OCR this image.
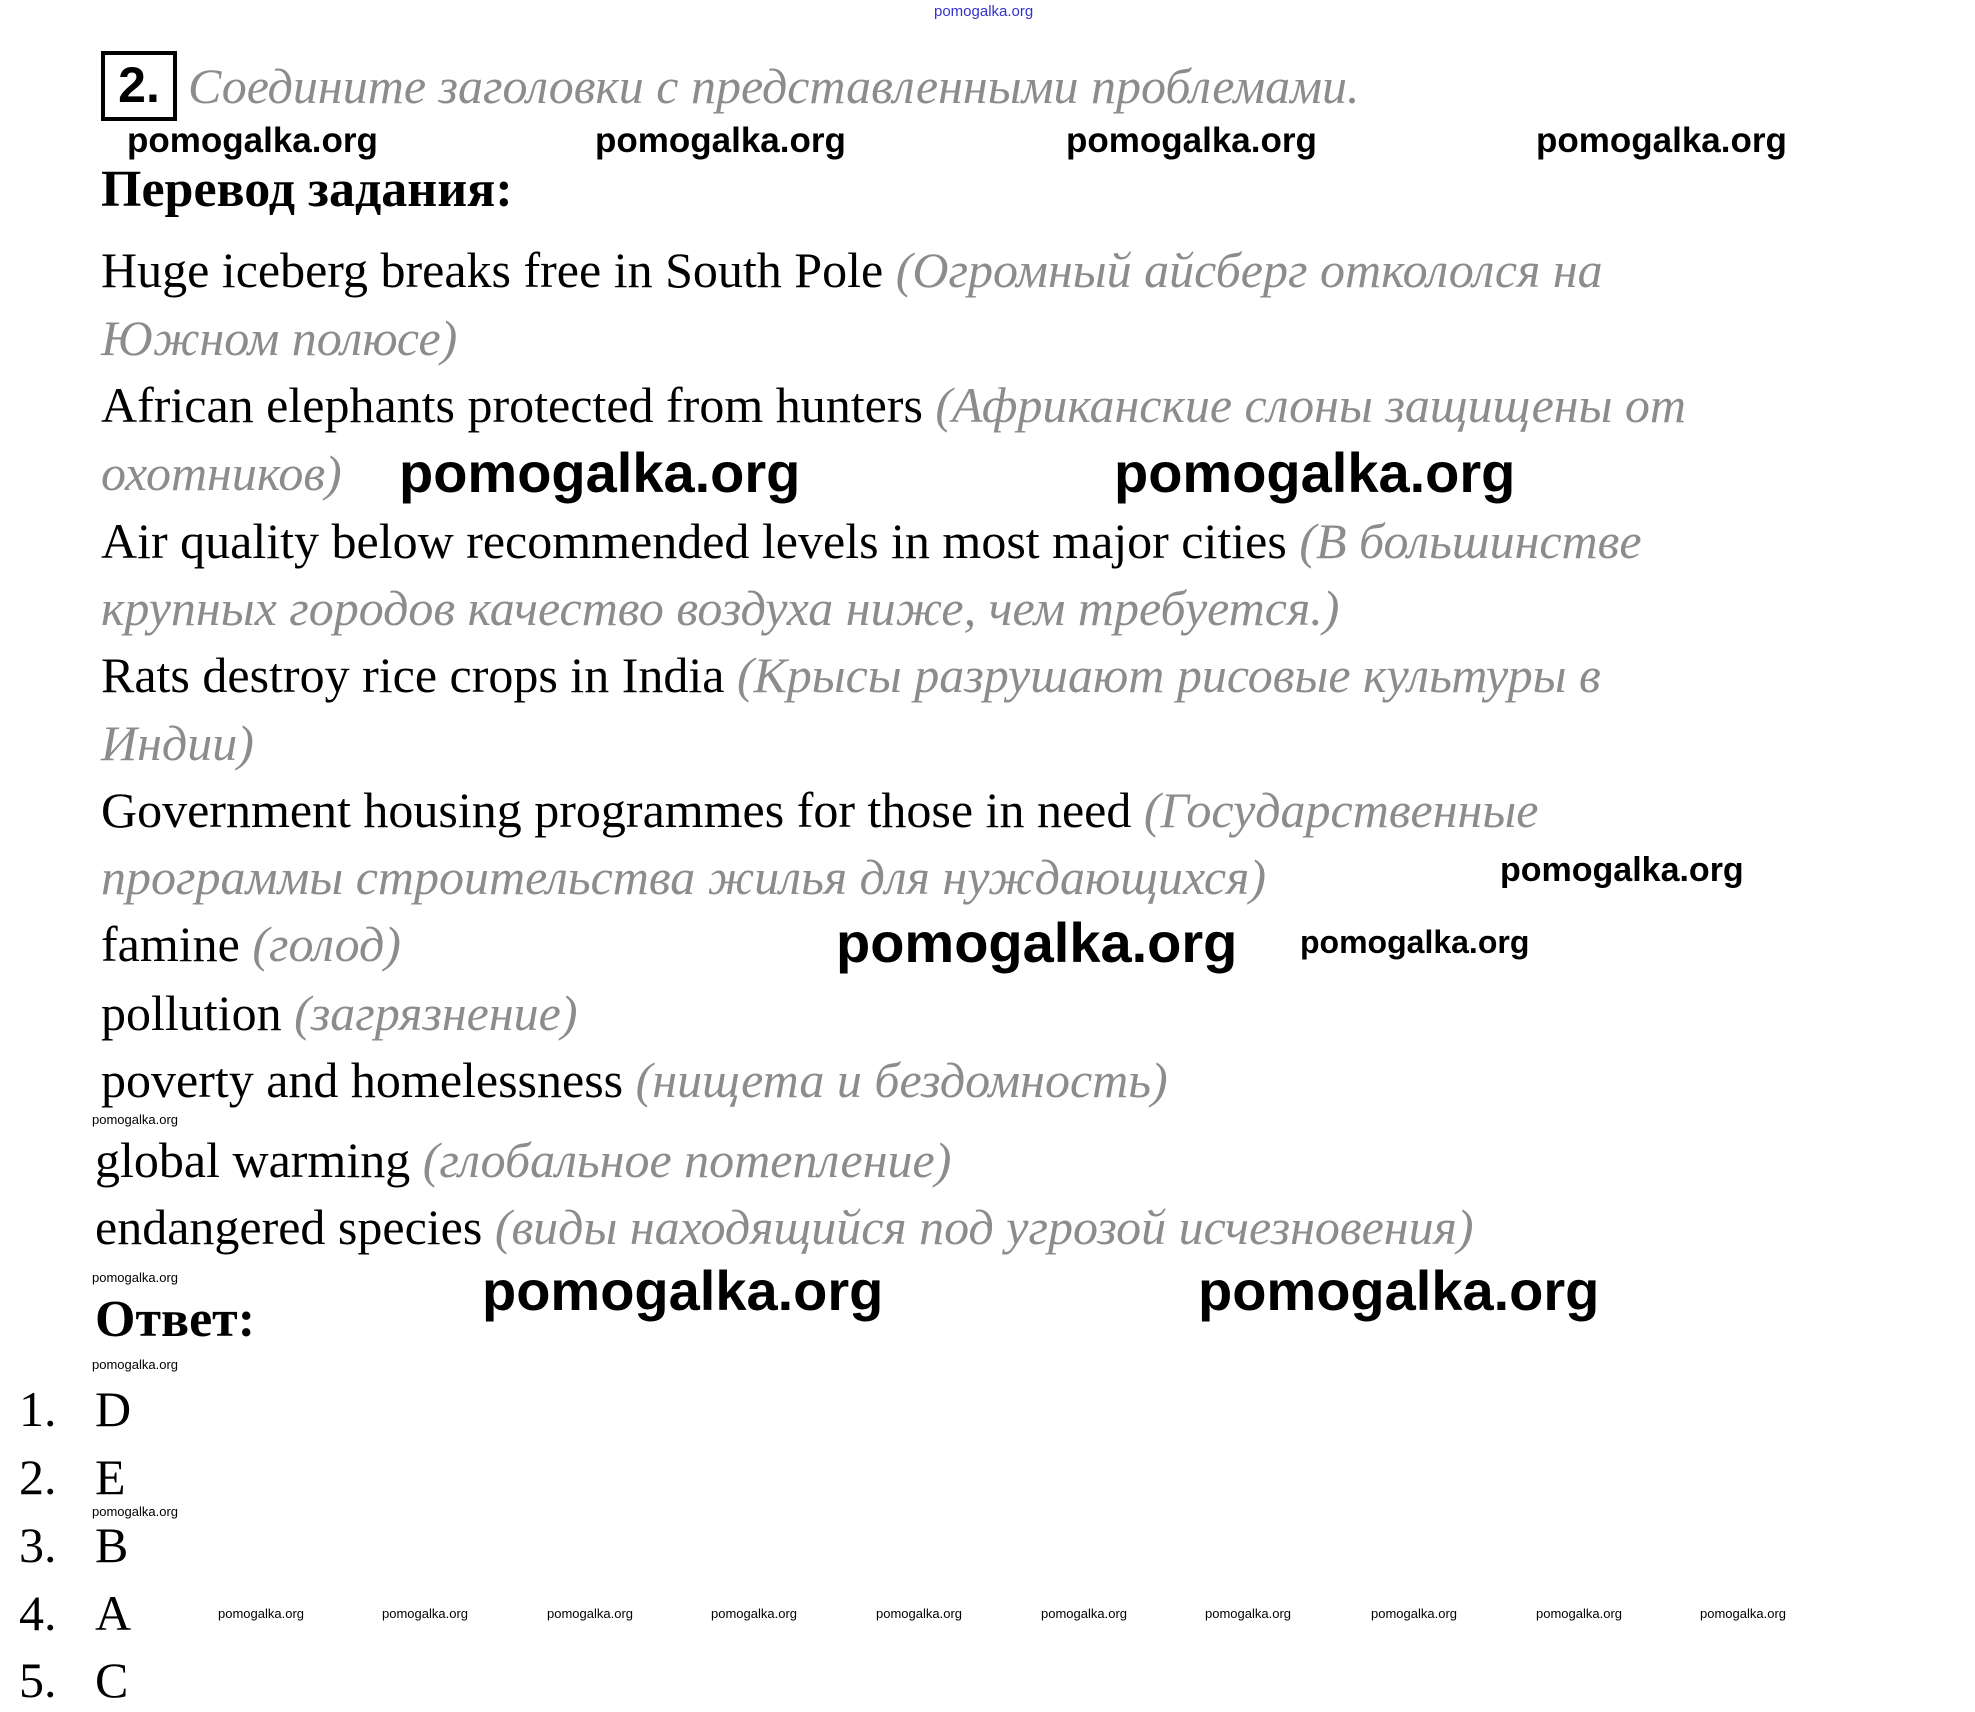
pomogalka.org
2. Соедините заголовки с представленными проблемами.
pomogalka.org	pomogalka.org	pomogalka.org	pomogalka.org
Перевод задания:
Huge iceberg breaks free in South Pole (Огромный айсберг откололся на
Южном полюсе)
African elephants protected from hunters (Африканские слоны защищены от
охотников)
Air quality below recommended levels in most major cities (В большинстве
крупных городов качество воздуха ниже, чем требуется.)
Rats destroy rice crops in India (Крысы разрушают рисовые культуры в
Индии)
Government housing programmes for those in need (Государственные
программы строительства жилья для нуждающихся)
famine (голод)
pollution (загрязнение)
poverty and homelessness (нищета и бездомность)
global warming (глобальное потепление)
endangered species (виды находящийся под угрозой исчезновения)
pomogalka.org	pomogalka.org
pomogalka.org
pomogalka.org
pomogalka.org
pomogalka.org	pomogalka.org
pomogalka.org
pomogalka.org
pomogalka.org
pomogalka.org
Ответ:
1. D
2. E
3. B
4. A
5. C
pomogalka.org	pomogalka.org	pomogalka.org	pomogalka.org	pomogalka.org	pomogalka.org	pomogalka.org	pomogalka.org	pomogalka.org	pomogalka.org
